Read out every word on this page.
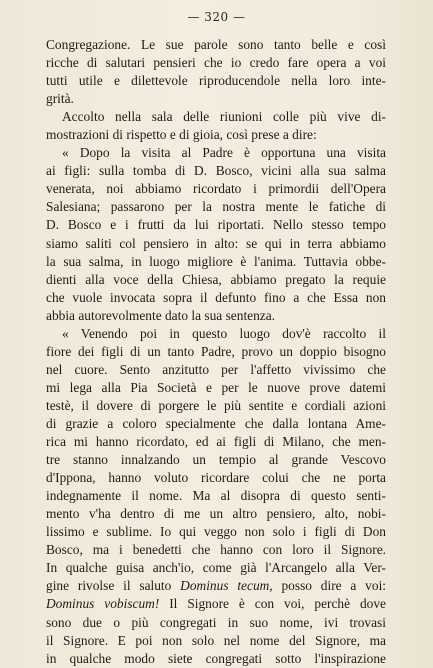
— 320 —
Congregazione. Le sue parole sono tanto belle e così
ricche di salutari pensieri che io credo fare opera a voi
tutti utile e dilettevole riproducendole nella loro inte-
grità.
Accolto nella sala delle riunioni colle più vive di-
mostrazioni di rispetto e di gioia, così prese a dire:
« Dopo la visita al Padre è opportuna una visita
ai figli: sulla tomba di D. Bosco, vicini alla sua salma
venerata, noi abbiamo ricordato i primordii dell'Opera
Salesiana; passarono per la nostra mente le fatiche di
D. Bosco e i frutti da lui riportati. Nello stesso tempo
siamo saliti col pensiero in alto: se qui in terra abbiamo
la sua salma, in luogo migliore è l'anima. Tuttavia obbe-
dienti alla voce della Chiesa, abbiamo pregato la requie
che vuole invocata sopra il defunto fino a che Essa non
abbia autorevolmente dato la sua sentenza.
« Venendo poi in questo luogo dov'è raccolto il
fiore dei figli di un tanto Padre, provo un doppio bisogno
nel cuore. Sento anzitutto per l'affetto vivissimo che
mi lega alla Pia Società e per le nuove prove datemi
testè, il dovere di porgere le più sentite e cordiali azioni
di grazie a coloro specialmente che dalla lontana Ame-
rica mi hanno ricordato, ed ai figli di Milano, che men-
tre stanno innalzando un tempio al grande Vescovo
d'Ippona, hanno voluto ricordare colui che ne porta
indegnamente il nome. Ma al disopra di questo senti-
mento v'ha dentro di me un altro pensiero, alto, nobi-
lissimo e sublime. Io qui veggo non solo i figli di Don
Bosco, ma i benedetti che hanno con loro il Signore.
In qualche guisa anch'io, come già l'Arcangelo alla Ver-
gine rivolse il saluto Dominus tecum, posso dire a voi:
Dominus vobiscum! Il Signore è con voi, perchè dove
sono due o più congregati in suo nome, ivi trovasi
il Signore. E poi non solo nel nome del Signore, ma
in qualche modo siete congregati sotto l'inspirazione
